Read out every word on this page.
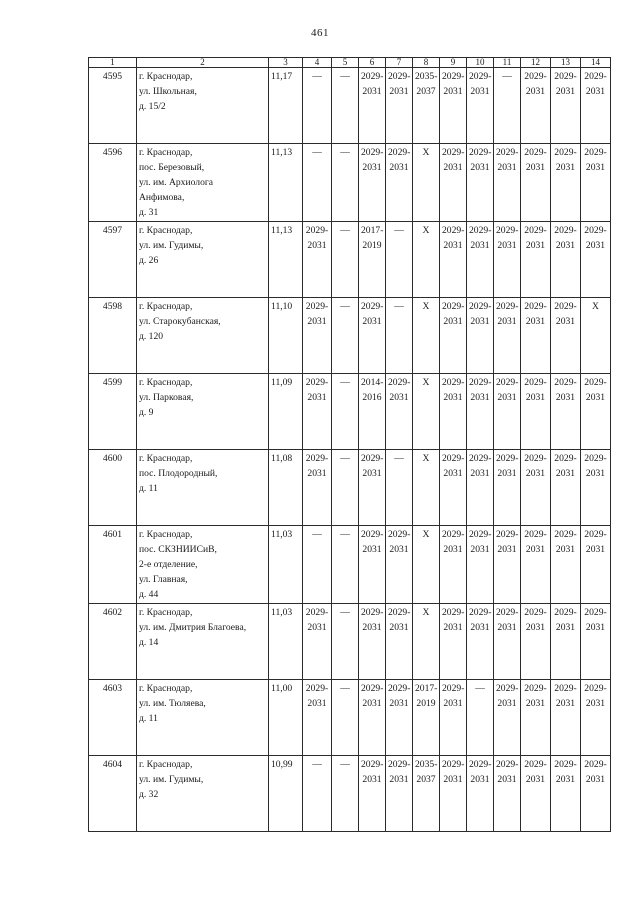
461
1	2	3	4	5	6	7	8	9	10	11	12	13	14
4595	г. Краснодар,
ул. Школьная,
д. 15/2	11,17	—	—	2029-
2031	2029-
2031	2035-
2037	2029-
2031	2029-
2031	—	2029-
2031	2029-
2031	2029-
2031
4596	г. Краснодар,
пос. Березовый,
ул. им. Архиолога
Анфимова,
д. 31	11,13	—	—	2029-
2031	2029-
2031	X	2029-
2031	2029-
2031	2029-
2031	2029-
2031	2029-
2031	2029-
2031
4597	г. Краснодар,
ул. им. Гудимы,
д. 26	11,13	2029-
2031	—	2017-
2019	—	X	2029-
2031	2029-
2031	2029-
2031	2029-
2031	2029-
2031	2029-
2031
4598	г. Краснодар,
ул. Старокубанская,
д. 120	11,10	2029-
2031	—	2029-
2031	—	X	2029-
2031	2029-
2031	2029-
2031	2029-
2031	2029-
2031	X
4599	г. Краснодар,
ул. Парковая,
д. 9	11,09	2029-
2031	—	2014-
2016	2029-
2031	X	2029-
2031	2029-
2031	2029-
2031	2029-
2031	2029-
2031	2029-
2031
4600	г. Краснодар,
пос. Плодородный,
д. 11	11,08	2029-
2031	—	2029-
2031	—	X	2029-
2031	2029-
2031	2029-
2031	2029-
2031	2029-
2031	2029-
2031
4601	г. Краснодар,
пос. СКЗНИИСиВ,
2-е отделение,
ул. Главная,
д. 44	11,03	—	—	2029-
2031	2029-
2031	X	2029-
2031	2029-
2031	2029-
2031	2029-
2031	2029-
2031	2029-
2031
4602	г. Краснодар,
ул. им. Дмитрия Благоева,
д. 14	11,03	2029-
2031	—	2029-
2031	2029-
2031	X	2029-
2031	2029-
2031	2029-
2031	2029-
2031	2029-
2031	2029-
2031
4603	г. Краснодар,
ул. им. Тюляева,
д. 11	11,00	2029-
2031	—	2029-
2031	2029-
2031	2017-
2019	2029-
2031	—	2029-
2031	2029-
2031	2029-
2031	2029-
2031
4604	г. Краснодар,
ул. им. Гудимы,
д. 32	10,99	—	—	2029-
2031	2029-
2031	2035-
2037	2029-
2031	2029-
2031	2029-
2031	2029-
2031	2029-
2031	2029-
2031
